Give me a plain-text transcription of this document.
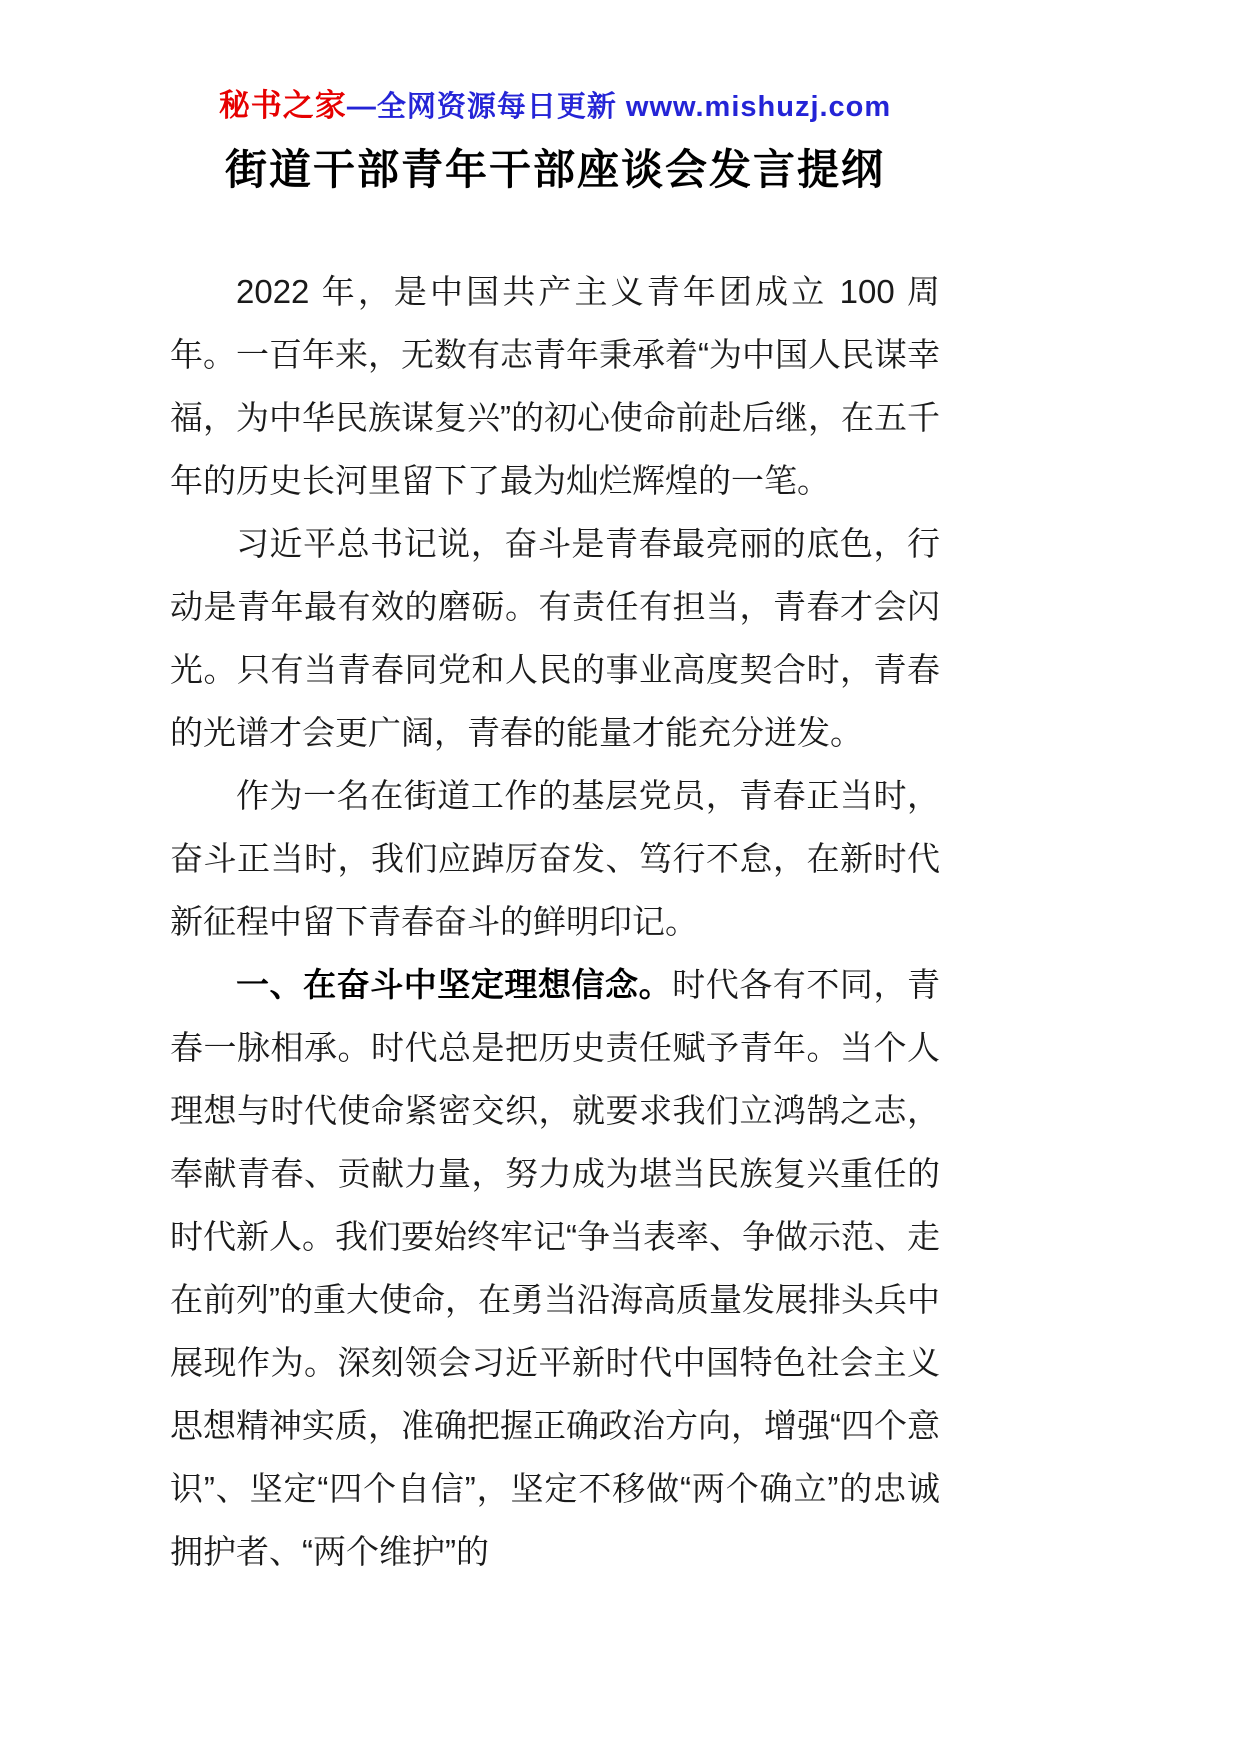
秘书之家—全网资源每日更新 www.mishuzj.com
街道干部青年干部座谈会发言提纲

2022 年，是中国共产主义青年团成立 100 周年。一百年来，无数有志青年秉承着“为中国人民谋幸福，为中华民族谋复兴”的初心使命前赴后继，在五千年的历史长河里留下了最为灿烂辉煌的一笔。

习近平总书记说，奋斗是青春最亮丽的底色，行动是青年最有效的磨砺。有责任有担当，青春才会闪光。只有当青春同党和人民的事业高度契合时，青春的光谱才会更广阔，青春的能量才能充分迸发。

作为一名在街道工作的基层党员，青春正当时，奋斗正当时，我们应踔厉奋发、笃行不怠，在新时代新征程中留下青春奋斗的鲜明印记。

一、在奋斗中坚定理想信念。时代各有不同，青春一脉相承。时代总是把历史责任赋予青年。当个人理想与时代使命紧密交织，就要求我们立鸿鹄之志，奉献青春、贡献力量，努力成为堪当民族复兴重任的时代新人。我们要始终牢记“争当表率、争做示范、走在前列”的重大使命，在勇当沿海高质量发展排头兵中展现作为。深刻领会习近平新时代中国特色社会主义思想精神实质，准确把握正确政治方向，增强“四个意识”、坚定“四个自信”，坚定不移做“两个确立”的忠诚拥护者、“两个维护”的
